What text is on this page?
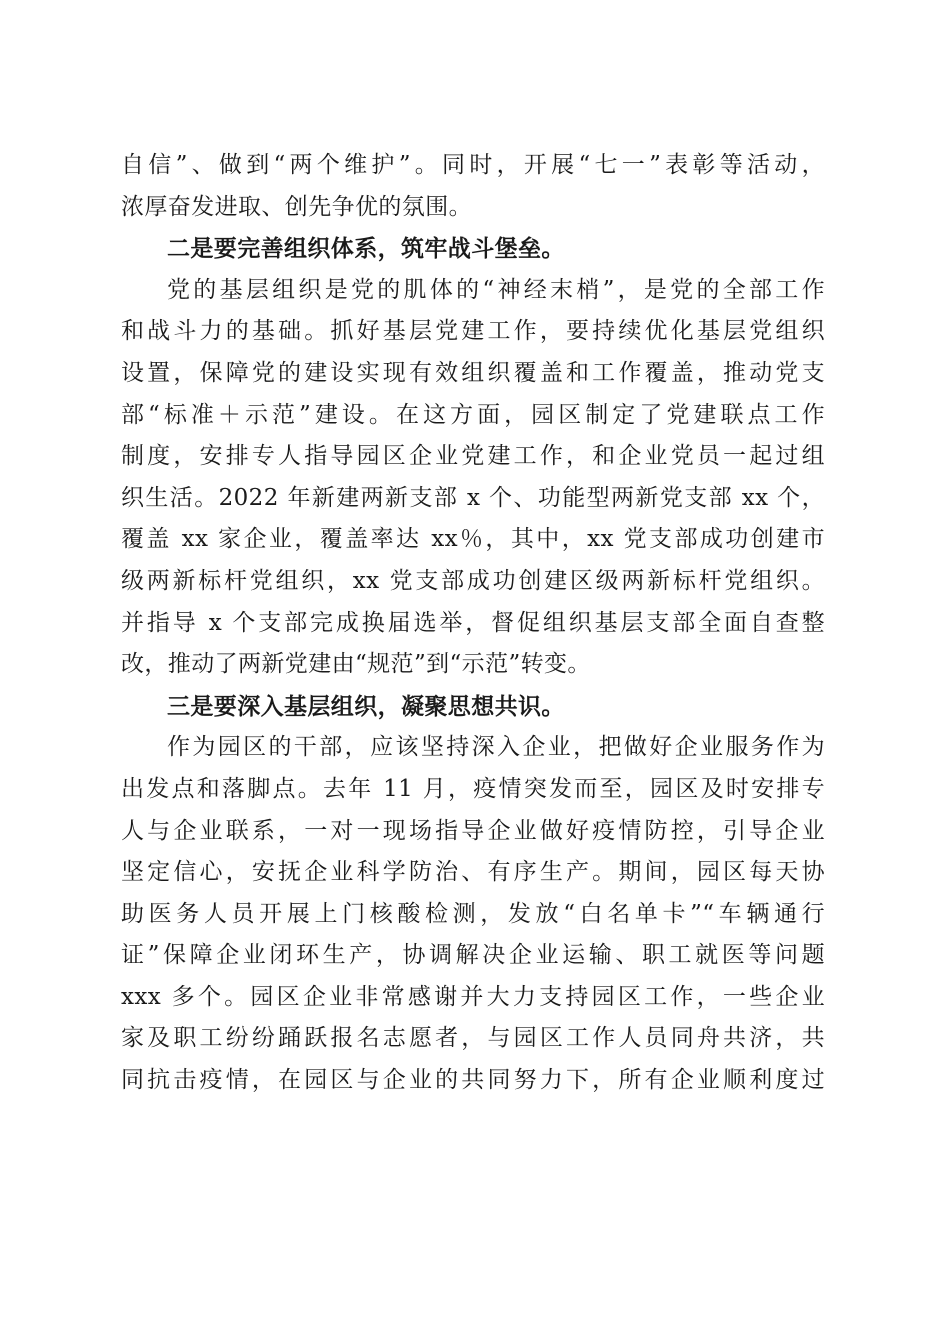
自信”、做到“两个维护”。同时，开展“七一”表彰等活动，
浓厚奋发进取、创先争优的氛围。
二是要完善组织体系，筑牢战斗堡垒。
党的基层组织是党的肌体的“神经末梢”，是党的全部工作
和战斗力的基础。抓好基层党建工作，要持续优化基层党组织
设置，保障党的建设实现有效组织覆盖和工作覆盖，推动党支
部“标准＋示范”建设。在这方面，园区制定了党建联点工作
制度，安排专人指导园区企业党建工作，和企业党员一起过组
织生活。2022 年新建两新支部 x 个、功能型两新党支部 xx 个，
覆盖 xx 家企业，覆盖率达 xx％，其中，xx 党支部成功创建市
级两新标杆党组织，xx 党支部成功创建区级两新标杆党组织。
并指导 x 个支部完成换届选举，督促组织基层支部全面自查整
改，推动了两新党建由“规范”到“示范”转变。
三是要深入基层组织，凝聚思想共识。
作为园区的干部，应该坚持深入企业，把做好企业服务作为
出发点和落脚点。去年 11 月，疫情突发而至，园区及时安排专
人与企业联系，一对一现场指导企业做好疫情防控，引导企业
坚定信心，安抚企业科学防治、有序生产。期间，园区每天协
助医务人员开展上门核酸检测，发放“白名单卡”“车辆通行
证”保障企业闭环生产，协调解决企业运输、职工就医等问题
xxx 多个。园区企业非常感谢并大力支持园区工作，一些企业
家及职工纷纷踊跃报名志愿者，与园区工作人员同舟共济，共
同抗击疫情，在园区与企业的共同努力下，所有企业顺利度过
